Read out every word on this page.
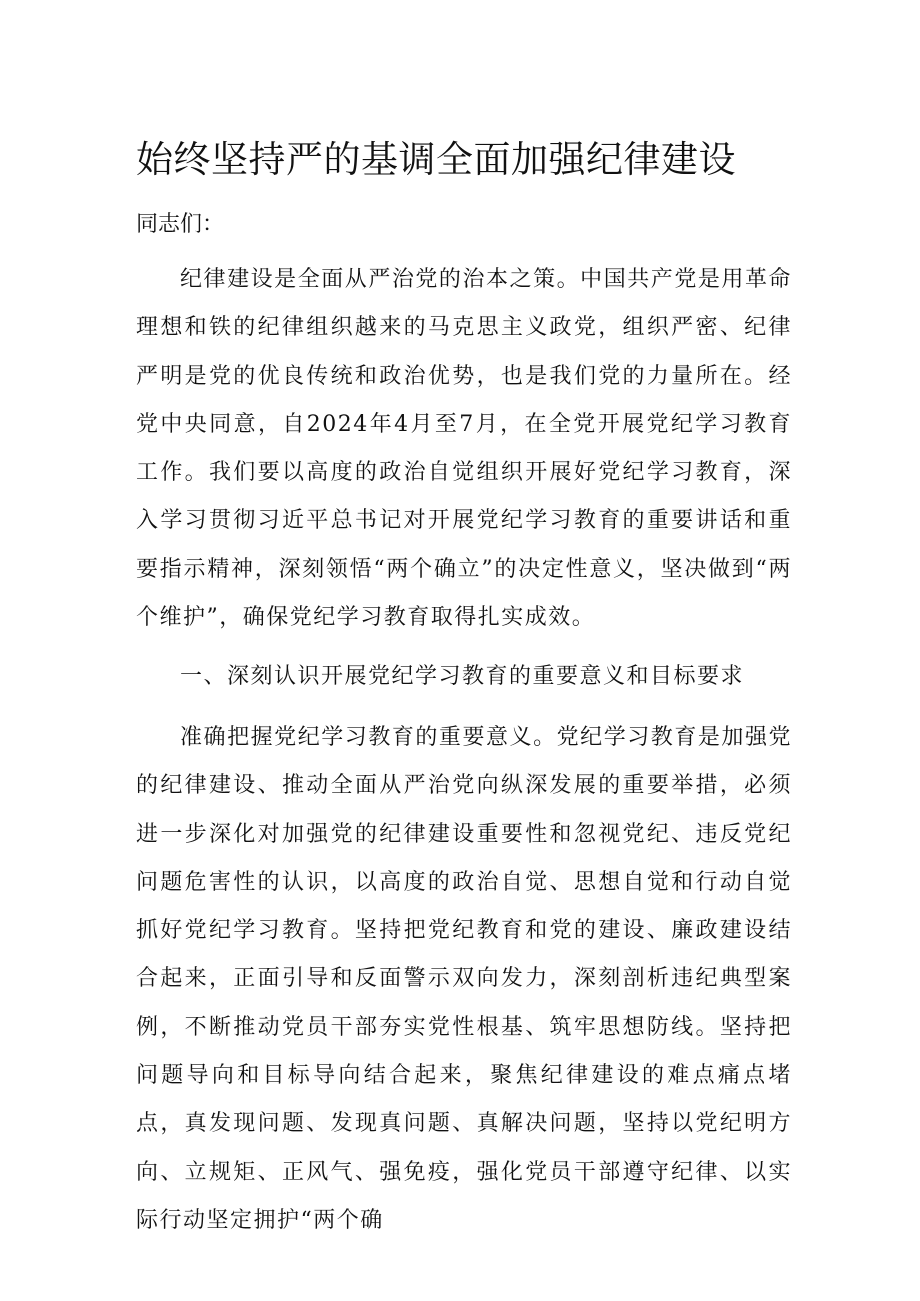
始终坚持严的基调全面加强纪律建设

同志们：

纪律建设是全面从严治党的治本之策。中国共产党是用革命理想和铁的纪律组织越来的马克思主义政党，组织严密、纪律严明是党的优良传统和政治优势，也是我们党的力量所在。经党中央同意，自2024年4月至7月，在全党开展党纪学习教育工作。我们要以高度的政治自觉组织开展好党纪学习教育，深入学习贯彻习近平总书记对开展党纪学习教育的重要讲话和重要指示精神，深刻领悟“两个确立”的决定性意义，坚决做到“两个维护”，确保党纪学习教育取得扎实成效。

一、深刻认识开展党纪学习教育的重要意义和目标要求

准确把握党纪学习教育的重要意义。党纪学习教育是加强党的纪律建设、推动全面从严治党向纵深发展的重要举措，必须进一步深化对加强党的纪律建设重要性和忽视党纪、违反党纪问题危害性的认识，以高度的政治自觉、思想自觉和行动自觉抓好党纪学习教育。坚持把党纪教育和党的建设、廉政建设结合起来，正面引导和反面警示双向发力，深刻剖析违纪典型案例，不断推动党员干部夯实党性根基、筑牢思想防线。坚持把问题导向和目标导向结合起来，聚焦纪律建设的难点痛点堵点，真发现问题、发现真问题、真解决问题，坚持以党纪明方向、立规矩、正风气、强免疫，强化党员干部遵守纪律、以实际行动坚定拥护“两个确
